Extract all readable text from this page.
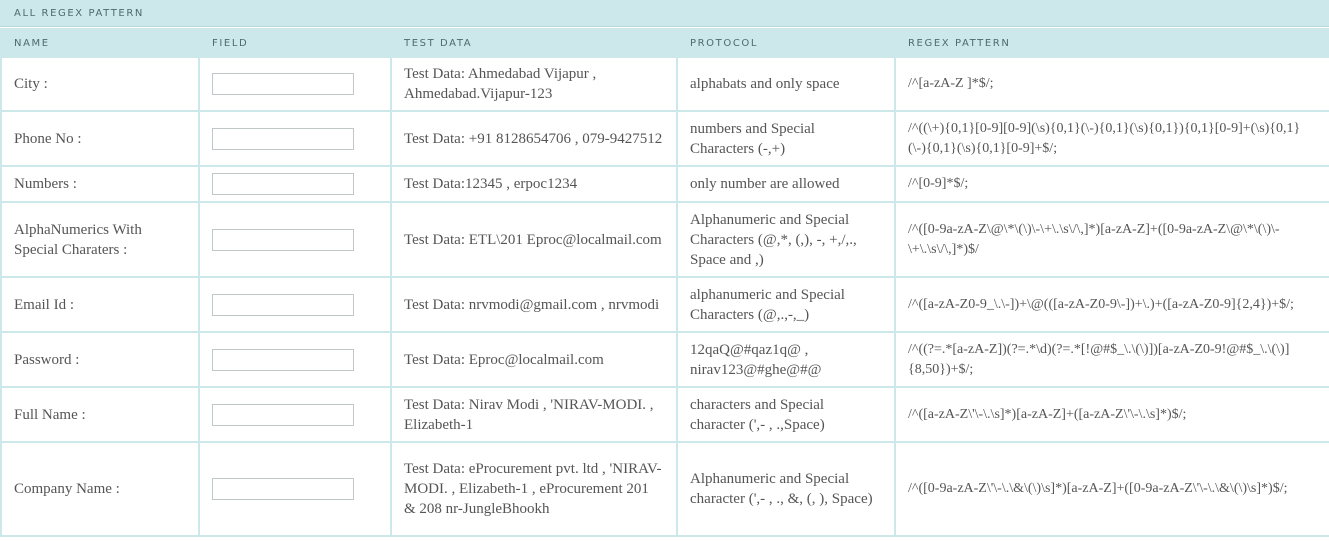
ALL REGEX PATTERN
NAME	FIELD	TEST DATA	PROTOCOL	REGEX PATTERN
City :		Test Data: Ahmedabad Vijapur , Ahmedabad.Vijapur-123	alphabats and only space	/^[a-zA-Z ]*$/;
Phone No :		Test Data: +91 8128654706 , 079-9427512	numbers and Special Characters (-,+)	/^((\+){0,1}[0-9][0-9](\s){0,1}(\-){0,1}(\s){0,1}){0,1}[0-9]+(\s){0,1}(\-){0,1}(\s){0,1}[0-9]+$/;
Numbers :		Test Data:12345 , erpoc1234	only number are allowed	/^[0-9]*$/;
AlphaNumerics With Special Charaters :		Test Data: ETL\201 Eproc@localmail.com	Alphanumeric and Special Characters (@,*, (,), -, +,/,., Space and ,)	/^([0-9a-zA-Z\@\*\(\)\-\+\.\s\/\,]*)[a-zA-Z]+([0-9a-zA-Z\@\*\(\)\-\+\.\s\/\,]*)$/
Email Id :		Test Data: nrvmodi@gmail.com , nrvmodi	alphanumeric and Special Characters (@,.,-,_)	/^([a-zA-Z0-9_\.\-])+\@(([a-zA-Z0-9\-])+\.)+([a-zA-Z0-9]{2,4})+$/;
Password :		Test Data: Eproc@localmail.com	12qaQ@#qaz1q@ , nirav123@#ghe@#@	/^((?=.*[a-zA-Z])(?=.*\d)(?=.*[!@#$_\.\(\)])[a-zA-Z0-9!@#$_\.\(\)]{8,50})+$/;
Full Name :		Test Data: Nirav Modi , 'NIRAV-MODI. , Elizabeth-1	characters and Special character (',- , .,Space)	/^([a-zA-Z\'\-\.\s]*)[a-zA-Z]+([a-zA-Z\'\-\.\s]*)$/;
Company Name :		Test Data: eProcurement pvt. ltd , 'NIRAV-MODI. , Elizabeth-1 , eProcurement 201 & 208 nr-JungleBhookh	Alphanumeric and Special character (',- , ., &, (, ), Space)	/^([0-9a-zA-Z\'\-\.\&\(\)\s]*)[a-zA-Z]+([0-9a-zA-Z\'\-\.\&\(\)\s]*)$/;
